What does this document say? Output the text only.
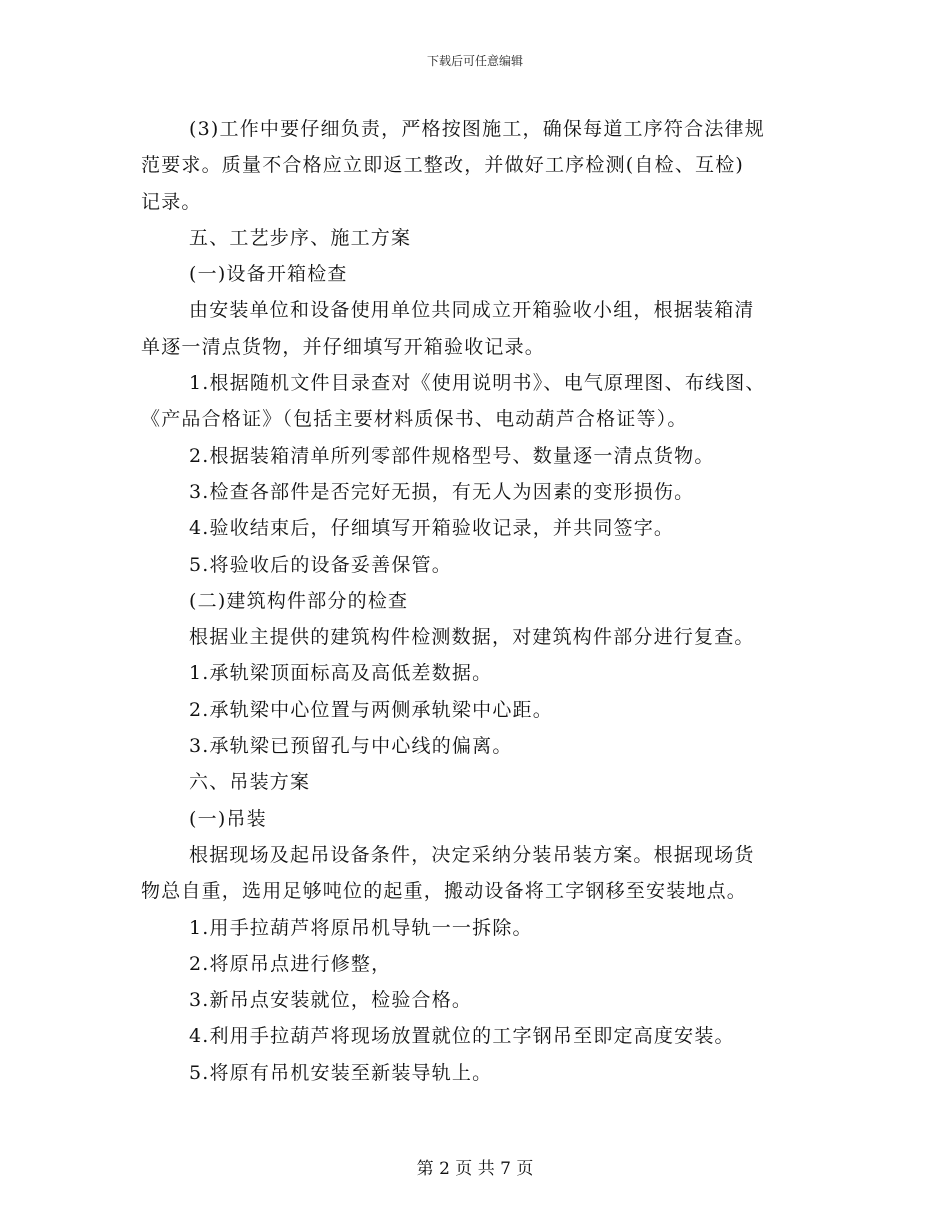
下载后可任意编辑
(3)工作中要仔细负责，严格按图施工，确保每道工序符合法律规
范要求。质量不合格应立即返工整改，并做好工序检测(自检、互检)
记录。
五、工艺步序、施工方案
(一)设备开箱检查
由安装单位和设备使用单位共同成立开箱验收小组，根据装箱清
单逐一清点货物，并仔细填写开箱验收记录。
1.根据随机文件目录查对《使用说明书》、电气原理图、布线图、
《产品合格证》（包括主要材料质保书、电动葫芦合格证等）。
2.根据装箱清单所列零部件规格型号、数量逐一清点货物。
3.检查各部件是否完好无损，有无人为因素的变形损伤。
4.验收结束后，仔细填写开箱验收记录，并共同签字。
5.将验收后的设备妥善保管。
(二)建筑构件部分的检查
根据业主提供的建筑构件检测数据，对建筑构件部分进行复查。
1.承轨梁顶面标高及高低差数据。
2.承轨梁中心位置与两侧承轨梁中心距。
3.承轨梁已预留孔与中心线的偏离。
六、吊装方案
(一)吊装
根据现场及起吊设备条件，决定采纳分装吊装方案。根据现场货
物总自重，选用足够吨位的起重，搬动设备将工字钢移至安装地点。
1.用手拉葫芦将原吊机导轨一一拆除。
2.将原吊点进行修整，
3.新吊点安装就位，检验合格。
4.利用手拉葫芦将现场放置就位的工字钢吊至即定高度安装。
5.将原有吊机安装至新装导轨上。
第 2 页 共 7 页
